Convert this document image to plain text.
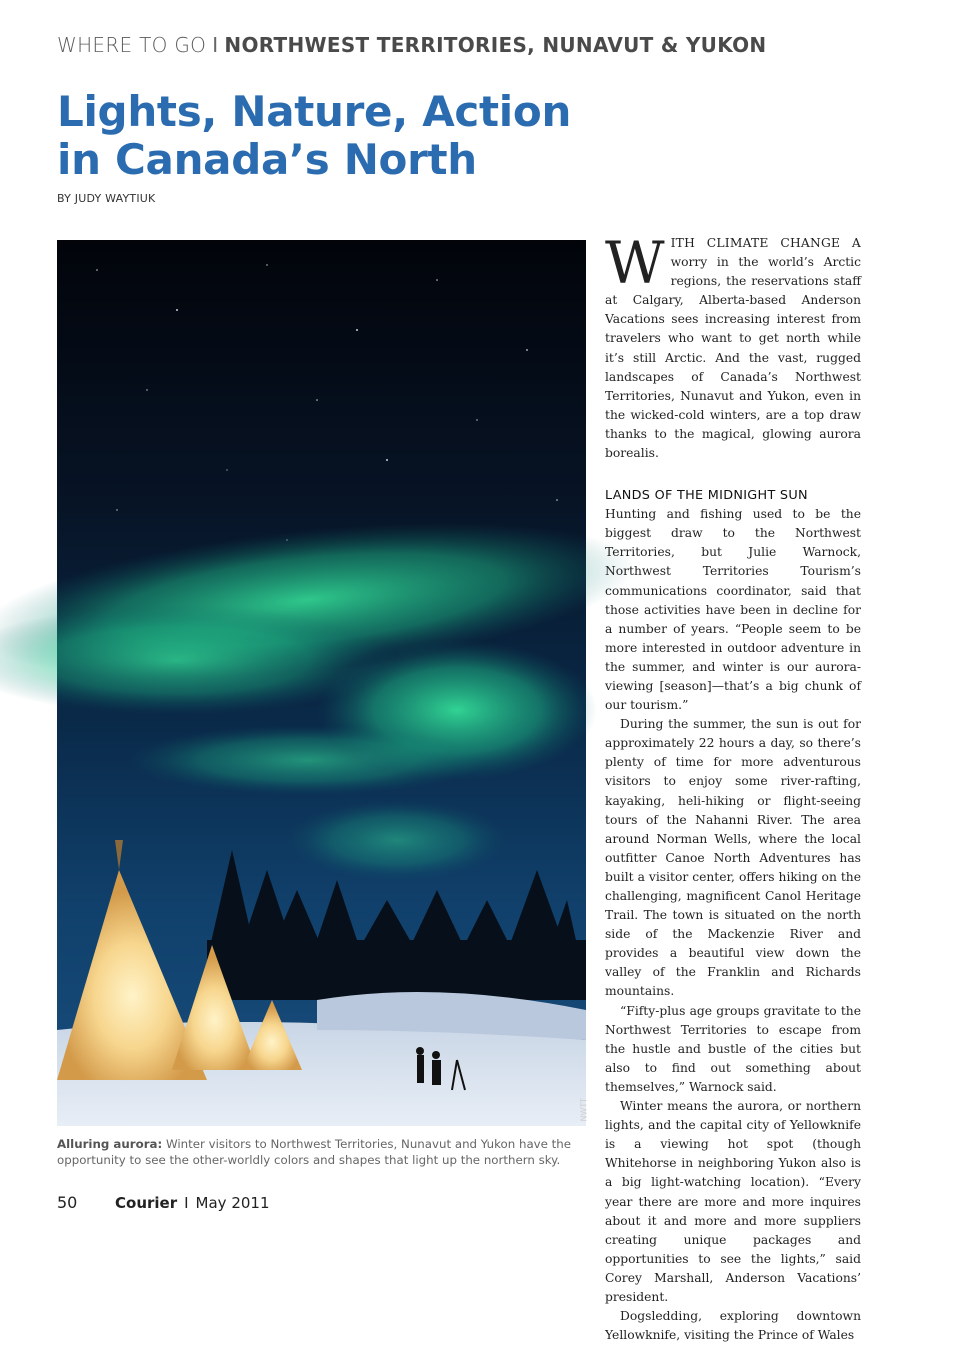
WHERE TO GO I NORTHWEST TERRITORIES, NUNAVUT & YUKON
Lights, Nature, Action
in Canada’s North
BY JUDY WAYTIUK
NWTT
Alluring aurora: Winter visitors to Northwest Territories, Nunavut and Yukon have the opportunity to see the other-worldly colors and shapes that light up the northern sky.

WITH CLIMATE CHANGE A worry in the world’s Arctic regions, the reservations staff at Calgary, Alberta-based Anderson Vacations sees increasing interest from travelers who want to get north while it’s still Arctic. And the vast, rugged landscapes of Canada’s Northwest Territories, Nunavut and Yukon, even in the wicked-cold winters, are a top draw thanks to the magical, glowing aurora borealis.

LANDS OF THE MIDNIGHT SUN

Hunting and fishing used to be the biggest draw to the Northwest Territories, but Julie Warnock, Northwest Territories Tourism’s communications coordinator, said that those activities have been in decline for a number of years. “People seem to be more interested in outdoor adventure in the summer, and winter is our aurora-viewing [season]—that’s a big chunk of our tourism.”

During the summer, the sun is out for approximately 22 hours a day, so there’s plenty of time for more adventurous visitors to enjoy some river-rafting, kayaking, heli-hiking or flight-seeing tours of the Nahanni River. The area around Norman Wells, where the local outfitter Canoe North Adventures has built a visitor center, offers hiking on the challenging, magnificent Canol Heritage Trail. The town is situated on the north side of the Mackenzie River and provides a beautiful view down the valley of the Franklin and Richards mountains.

“Fifty-plus age groups gravitate to the Northwest Territories to escape from the hustle and bustle of the cities but also to find out something about themselves,” Warnock said.

Winter means the aurora, or northern lights, and the capital city of Yellowknife is a viewing hot spot (though Whitehorse in neighboring Yukon also is a big light-watching location). “Every year there are more and more inquires about it and more and more suppliers creating unique packages and opportunities to see the lights,” said Corey Marshall, Anderson Vacations’ president.

Dogsledding, exploring downtown Yellowknife, visiting the Prince of Wales

50	Courier I May 2011
